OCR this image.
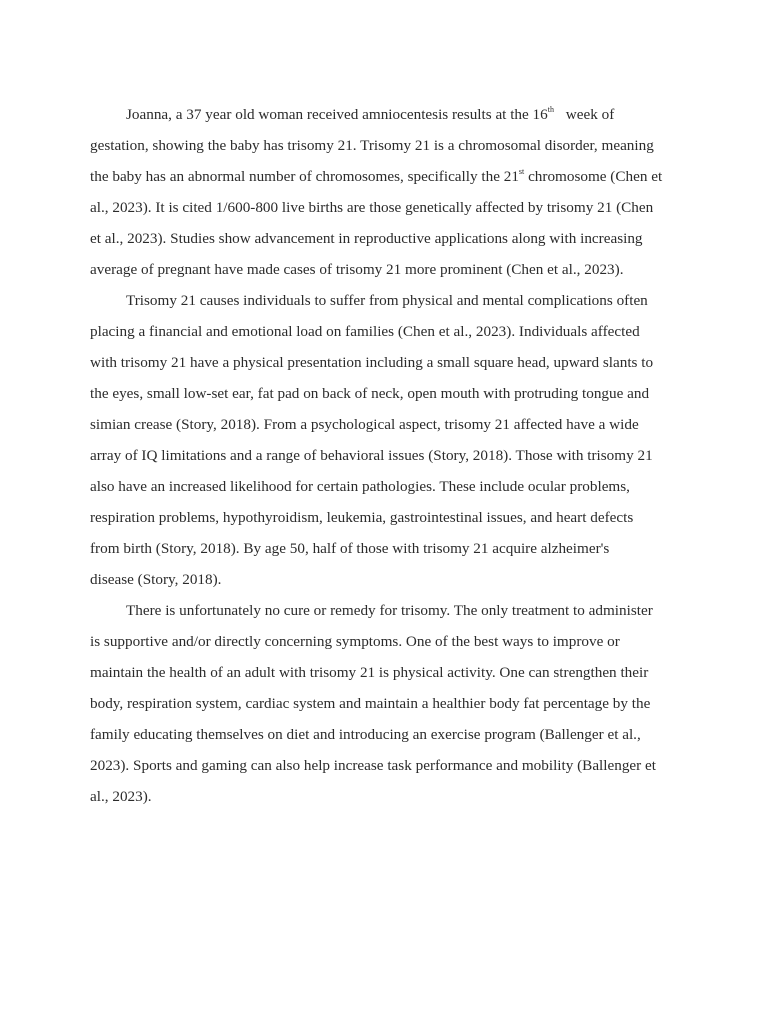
Joanna, a 37 year old woman received amniocentesis results at the 16th week of
gestation, showing the baby has trisomy 21. Trisomy 21 is a chromosomal disorder, meaning
the baby has an abnormal number of chromosomes, specifically the 21st chromosome (Chen et
al., 2023). It is cited 1/600-800 live births are those genetically affected by trisomy 21 (Chen
et al., 2023). Studies show advancement in reproductive applications along with increasing
average of pregnant have made cases of trisomy 21 more prominent (Chen et al., 2023).

Trisomy 21 causes individuals to suffer from physical and mental complications often
placing a financial and emotional load on families (Chen et al., 2023). Individuals affected
with trisomy 21 have a physical presentation including a small square head, upward slants to
the eyes, small low-set ear, fat pad on back of neck, open mouth with protruding tongue and
simian crease (Story, 2018). From a psychological aspect, trisomy 21 affected have a wide
array of IQ limitations and a range of behavioral issues (Story, 2018). Those with trisomy 21
also have an increased likelihood for certain pathologies. These include ocular problems,
respiration problems, hypothyroidism, leukemia, gastrointestinal issues, and heart defects
from birth (Story, 2018). By age 50, half of those with trisomy 21 acquire alzheimer's
disease (Story, 2018).

There is unfortunately no cure or remedy for trisomy. The only treatment to administer
is supportive and/or directly concerning symptoms. One of the best ways to improve or
maintain the health of an adult with trisomy 21 is physical activity. One can strengthen their
body, respiration system, cardiac system and maintain a healthier body fat percentage by the
family educating themselves on diet and introducing an exercise program (Ballenger et al.,
2023). Sports and gaming can also help increase task performance and mobility (Ballenger et
al., 2023).
